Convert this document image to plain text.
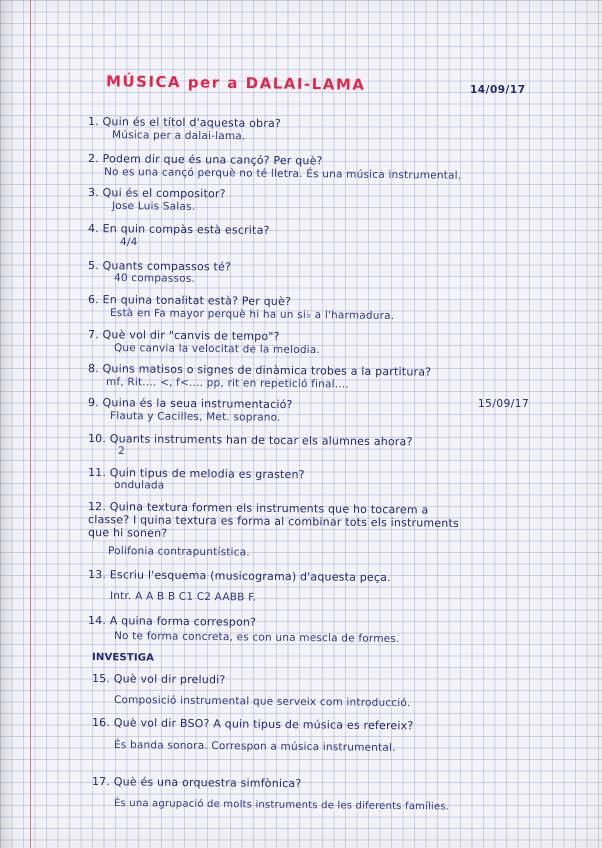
MÚSICA per a DALAI-LAMA	14/09/17
1. Quin és el títol d'aquesta obra?
Música per a dalai-lama.
2. Podem dir que és una cançó? Per què?
No es una cançó perquè no té lletra. És una música instrumental.
3. Qui és el compositor?
Jose Luis Salas.
4. En quin compàs està escrita?
4/4
5. Quants compassos té?
40 compassos.
6. En quina tonalitat està? Per què?
Està en Fa mayor perquè hi ha un si♭ a l'harmadura.
7. Què vol dir "canvis de tempo"?
Que canvia la velocitat de la melodia.
8. Quins matisos o signes de dinàmica trobes a la partitura?
mf, Rit.... <, f<.... pp, rit en repetició final....
9. Quina és la seua instrumentació?	15/09/17
Flauta y Cacilles, Met. soprano.
10. Quants instruments han de tocar els alumnes ahora?
2
11. Quin tipus de melodia es grasten?
ondulada
12. Quina textura formen els instruments que ho tocarem a
classe? I quina textura es forma al combinar tots els instruments
que hi sonen?
Polifonia contrapuntística.
13. Escriu l'esquema (musicograma) d'aquesta peça.
Intr. A A B B C1 C2 AABB F.
14. A quina forma correspon?
No te forma concreta, es con una mescla de formes.
INVESTIGA
15. Què vol dir preludi?
Composició instrumental que serveix com introducció.
16. Què vol dir BSO? A quin tipus de música es refereix?
És banda sonora. Correspon a música instrumental.
17. Què és una orquestra simfònica?
És una agrupació de molts instruments de les diferents famílies.
